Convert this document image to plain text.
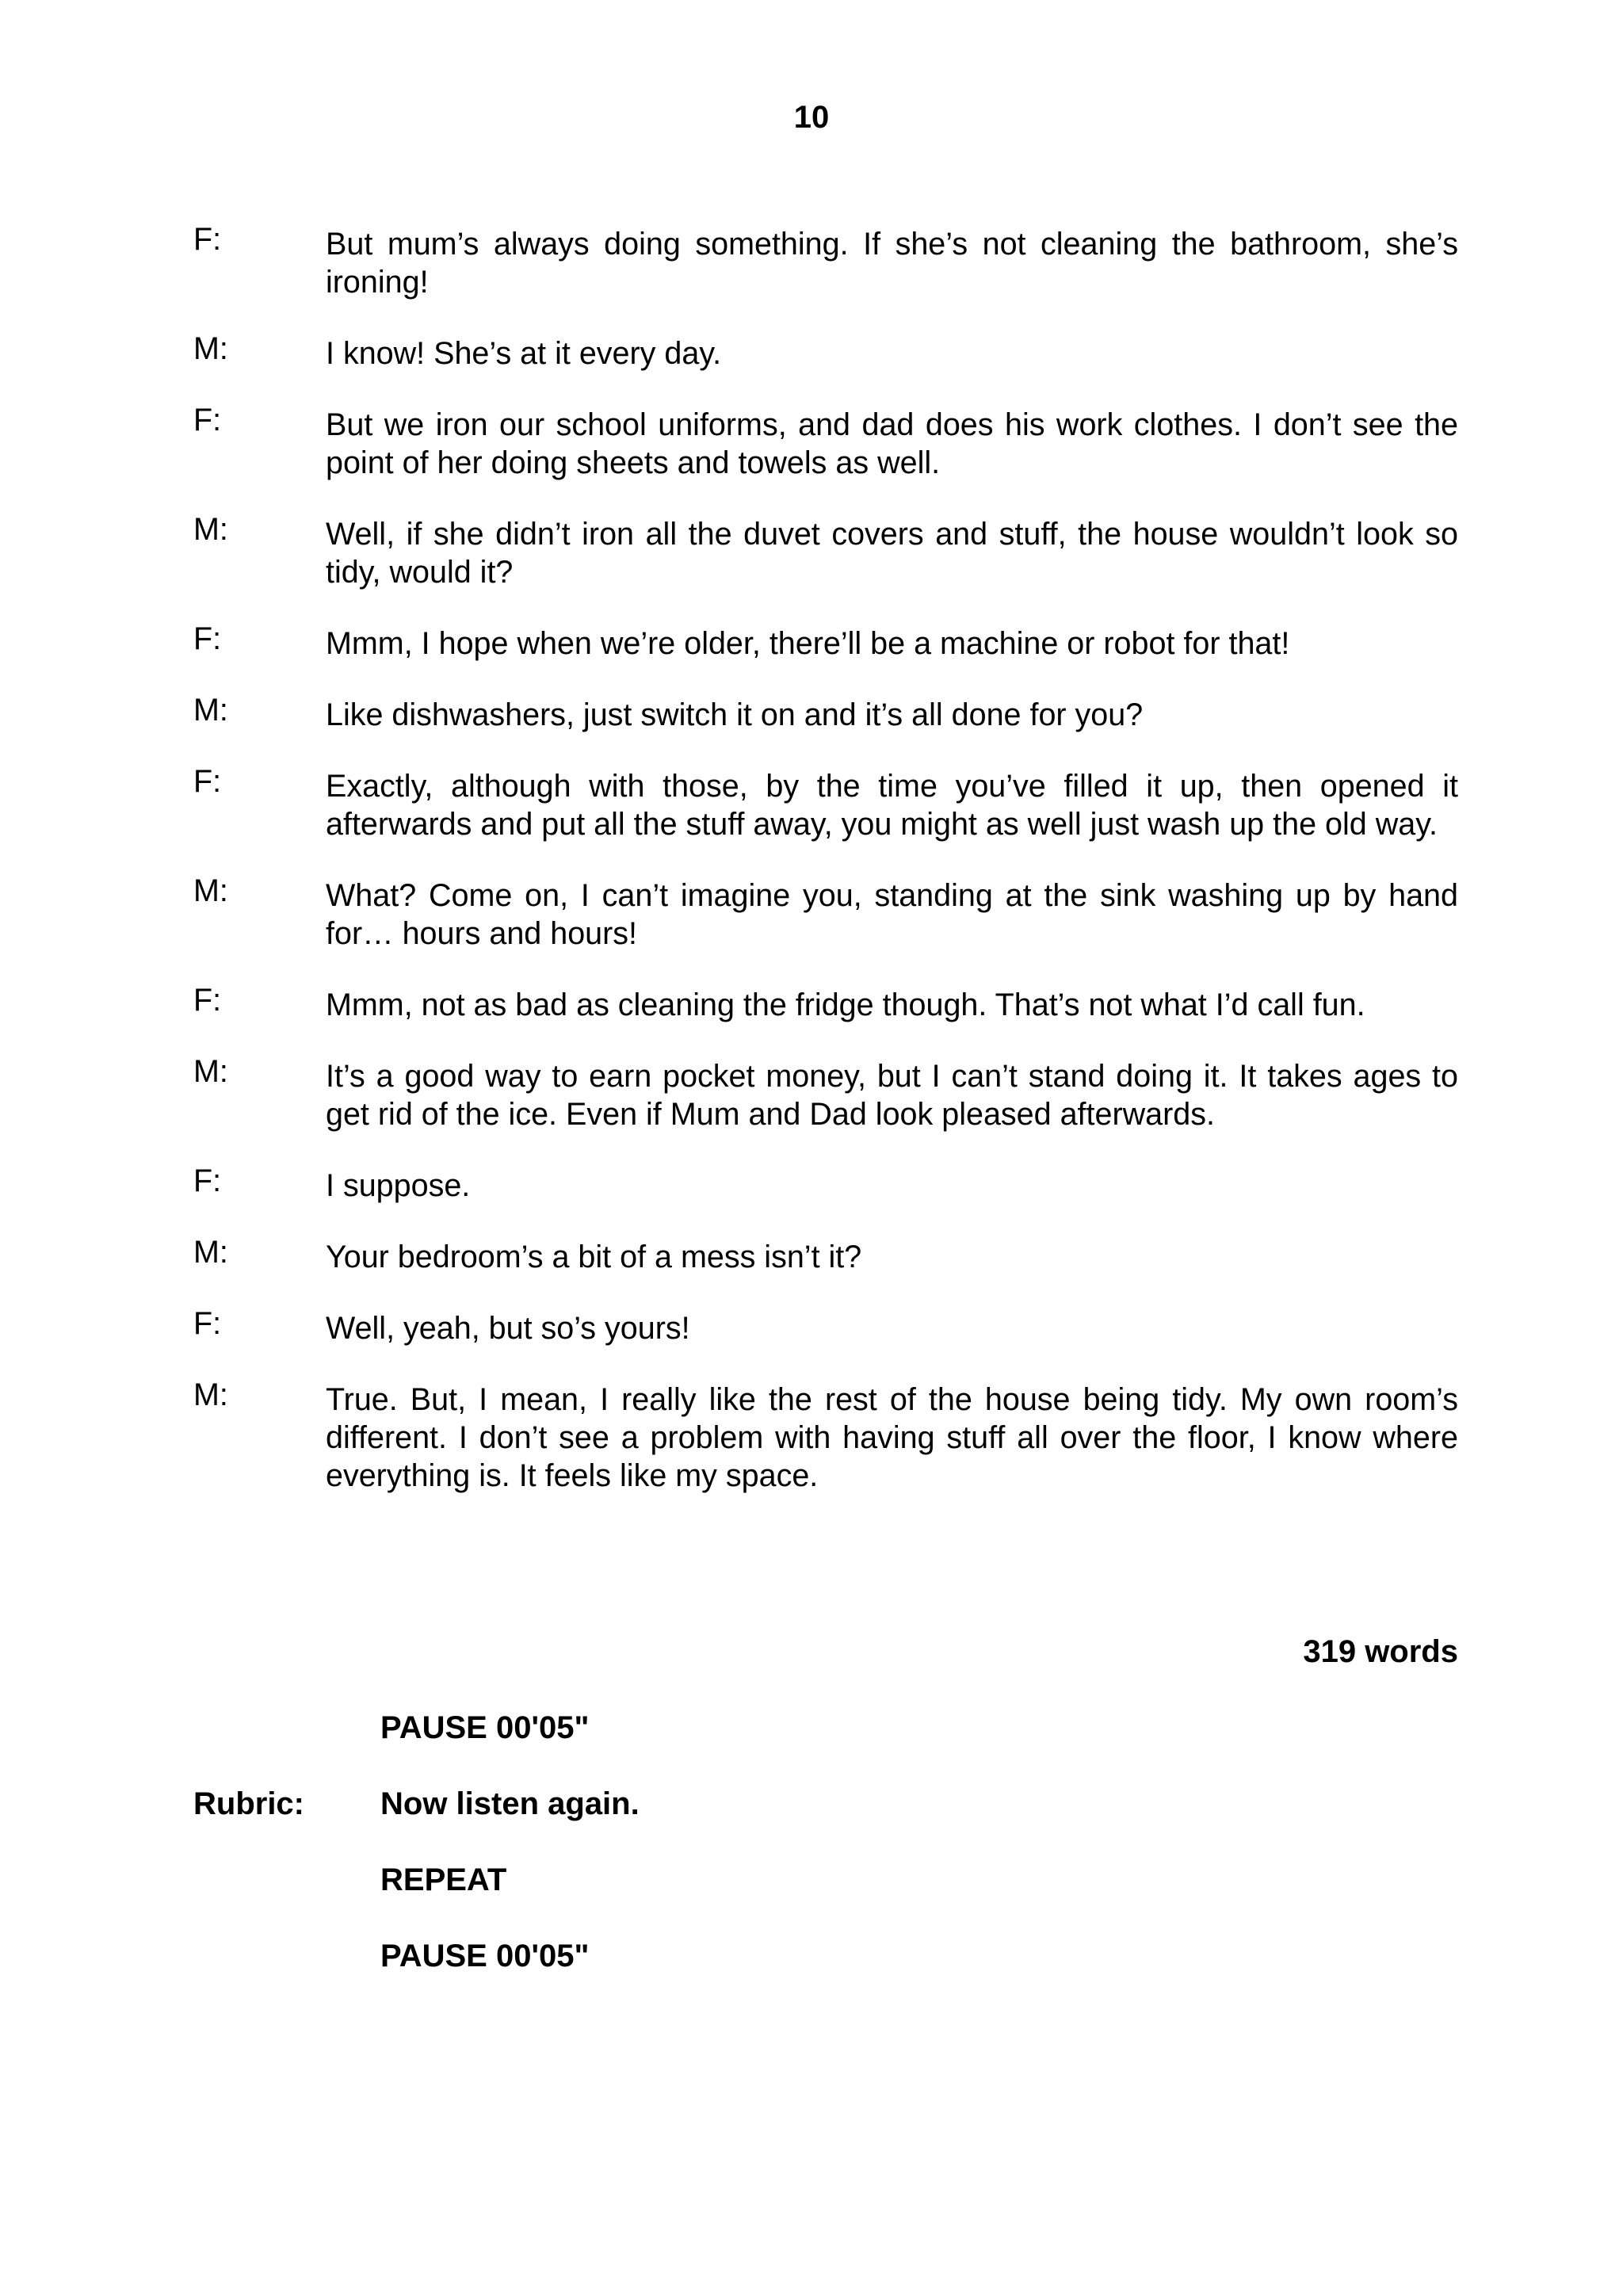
10
F:	But mum’s always doing something. If she’s not cleaning the bathroom, she’s ironing!
M:	I know! She’s at it every day.
F:	But we iron our school uniforms, and dad does his work clothes. I don’t see the point of her doing sheets and towels as well.
M:	Well, if she didn’t iron all the duvet covers and stuff, the house wouldn’t look so tidy, would it?
F:	Mmm, I hope when we’re older, there’ll be a machine or robot for that!
M:	Like dishwashers, just switch it on and it’s all done for you?
F:	Exactly, although with those, by the time you’ve filled it up, then opened it afterwards and put all the stuff away, you might as well just wash up the old way.
M:	What? Come on, I can’t imagine you, standing at the sink washing up by hand for… hours and hours!
F:	Mmm, not as bad as cleaning the fridge though. That’s not what I’d call fun.
M:	It’s a good way to earn pocket money, but I can’t stand doing it. It takes ages to get rid of the ice. Even if Mum and Dad look pleased afterwards.
F:	I suppose.
M:	Your bedroom’s a bit of a mess isn’t it?
F:	Well, yeah, but so’s yours!
M:	True. But, I mean, I really like the rest of the house being tidy. My own room’s different. I don’t see a problem with having stuff all over the floor, I know where everything is. It feels like my space.
319 words
PAUSE 00'05"
Rubric: Now listen again.
REPEAT
PAUSE 00'05"
